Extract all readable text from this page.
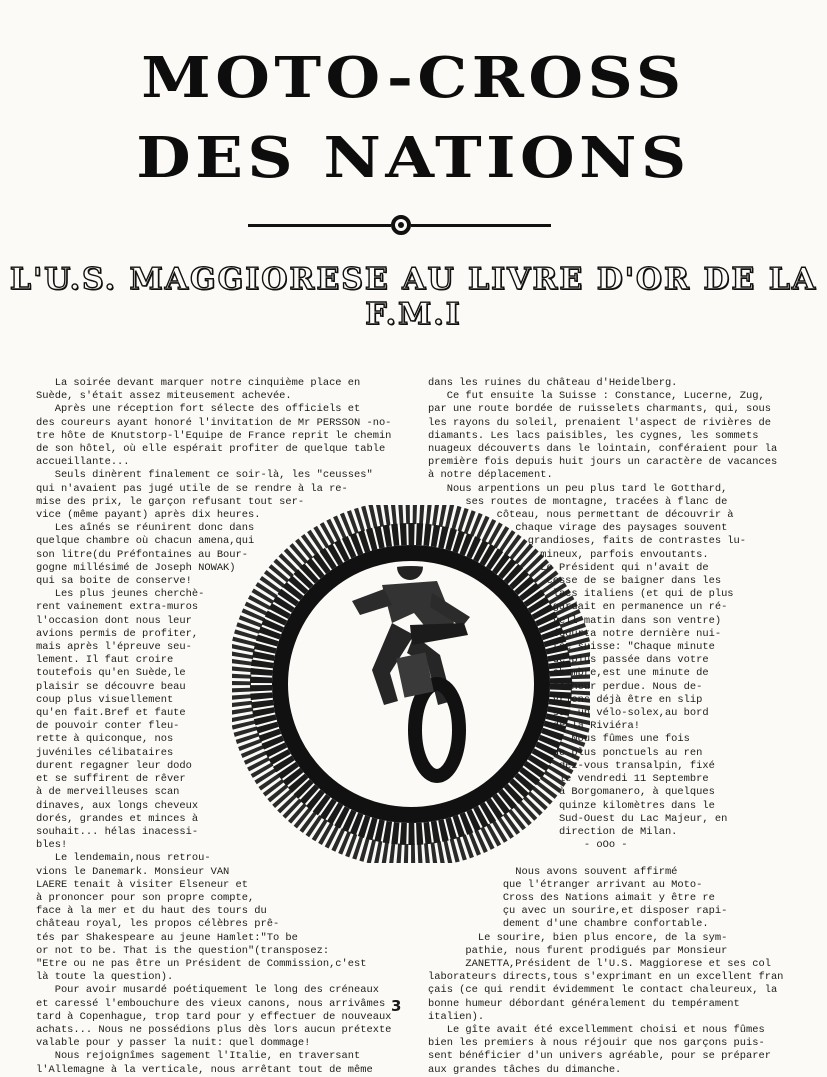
MOTO-CROSS
DES NATIONS
L'U.S. MAGGIORESE AU LIVRE D'OR DE LA F.M.I
La soirée devant marquer notre cinquième place en
Suède, s'était assez miteusement achevée.
Après une réception fort sélecte des officiels et
des coureurs ayant honoré l'invitation de Mr PERSSON -no-
tre hôte de Knutstorp-l'Equipe de France reprit le chemin
de son hôtel, où elle espérait profiter de quelque table
accueillante...
Seuls dinèrent finalement ce soir-là, les "ceusses"
qui n'avaient pas jugé utile de se rendre à la re-
mise des prix, le garçon refusant tout ser-
vice (même payant) après dix heures.
Les aînés se réunirent donc dans
quelque chambre où chacun amena,qui
son litre(du Préfontaines au Bour-
gogne millésimé de Joseph NOWAK)
qui sa boite de conserve!
Les plus jeunes cherchè-
rent vainement extra-muros
l'occasion dont nous leur
avions permis de profiter,
mais après l'épreuve seu-
lement. Il faut croire
toutefois qu'en Suède,le
plaisir se découvre beau
coup plus visuellement
qu'en fait.Bref et faute
de pouvoir conter fleu-
rette à quiconque, nos
juvéniles célibataires
durent regagner leur dodo
et se suffirent de rêver
à de merveilleuses scan
dinaves, aux longs cheveux
dorés, grandes et minces à
souhait... hélas inacessi-
bles!
Le lendemain,nous retrou-
vions le Danemark. Monsieur VAN
LAERE tenait à visiter Elseneur et
à prononcer pour son propre compte,
face à la mer et du haut des tours du
château royal, les propos célèbres prê-
tés par Shakespeare au jeune Hamlet:"To be
or not to be. That is the question"(transposez:
"Etre ou ne pas être un Président de Commission,c'est
là toute la question).
Pour avoir musardé poétiquement le long des créneaux
et caressé l'embouchure des vieux canons, nous arrivâmes
tard à Copenhague, trop tard pour y effectuer de nouveaux
achats... Nous ne possédions plus dès lors aucun prétexte
valable pour y passer la nuit: quel dommage!
Nous rejoignîmes sagement l'Italie, en traversant
l'Allemagne à la verticale, nous arrêtant tout de même
dans les ruines du château d'Heidelberg.
Ce fut ensuite la Suisse : Constance, Lucerne, Zug,
par une route bordée de ruisselets charmants, qui, sous
les rayons du soleil, prenaient l'aspect de rivières de
diamants. Les lacs paisibles, les cygnes, les sommets
nuageux découverts dans le lointain, conféraient pour la
première fois depuis huit jours un caractère de vacances
à notre déplacement.
Nous arpentions un peu plus tard le Gotthard,
ses routes de montagne, tracées à flanc de
côteau, nous permettant de découvrir à
chaque virage des paysages souvent
grandioses, faits de contrastes lu-
mineux, parfois envoutants.
Le Président qui n'avait de
cesse de se baigner dans les
lacs italiens (et qui de plus
gardait en permanence un ré-
veil-matin dans son ventre)
écourta notre dernière nui-
tée suisse: "Chaque minute
de plus passée dans votre
chambre,est une minute de
bonheur perdue. Nous de-
vrions déjà être en slip
sur un vélo-solex,au bord
de la Riviéra!
Nous fûmes une fois
de plus ponctuels au ren
dez-vous transalpin, fixé
le vendredi 11 Septembre
à Borgomanero, à quelques
quinze kilomètres dans le
Sud-Ouest du Lac Majeur, en
direction de Milan.
- oOo -

Nous avons souvent affirmé
que l'étranger arrivant au Moto-
Cross des Nations aimait y être re
çu avec un sourire,et disposer rapi-
dement d'une chambre confortable.
Le sourire, bien plus encore, de la sym-
pathie, nous furent prodigués par Monsieur
ZANETTA,Président de l'U.S. Maggiorese et ses col
laborateurs directs,tous s'exprimant en un excellent fran
çais (ce qui rendit évidemment le contact chaleureux, la
bonne humeur débordant généralement du tempérament
italien).
Le gîte avait été excellemment choisi et nous fûmes
bien les premiers à nous réjouir que nos garçons puis-
sent bénéficier d'un univers agréable, pour se préparer
aux grandes tâches du dimanche.
3
